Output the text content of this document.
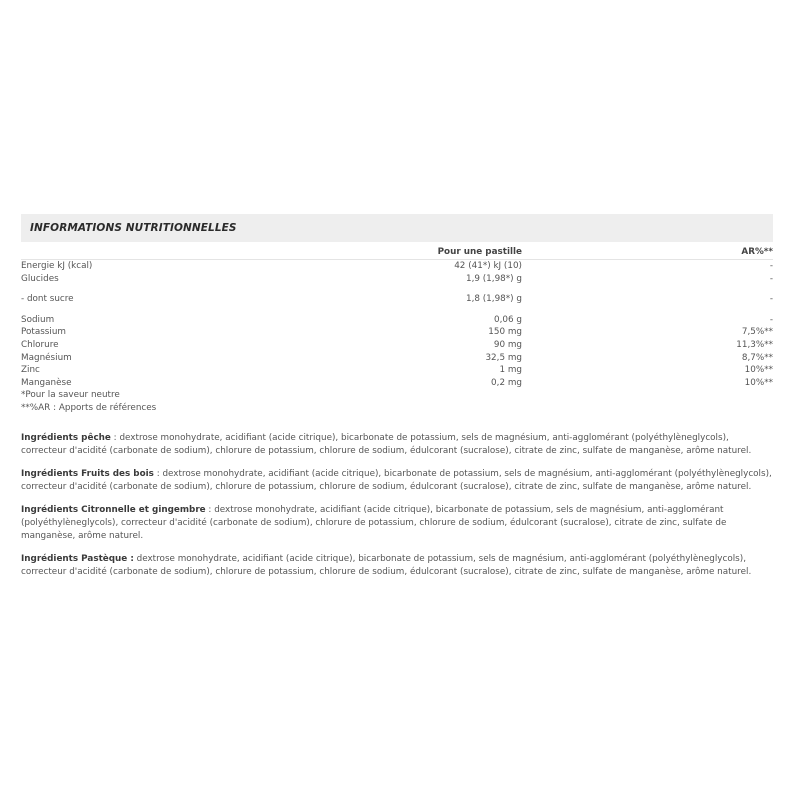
INFORMATIONS NUTRITIONNELLES
	Pour une pastille	AR%**
Energie kJ (kcal)	42 (41*) kJ (10)	-
Glucides	1,9 (1,98*) g	-

- dont sucre	1,8 (1,98*) g	-

Sodium	0,06 g	-
Potassium	150 mg	7,5%**
Chlorure	90 mg	11,3%**
Magnésium	32,5 mg	8,7%**
Zinc	1 mg	10%**
Manganèse	0,2 mg	10%**
*Pour la saveur neutre		
**%AR : Apports de références		

Ingrédients pêche : dextrose monohydrate, acidifiant (acide citrique), bicarbonate de potassium, sels de magnésium, anti-agglomérant (polyéthylèneglycols), correcteur d'acidité (carbonate de sodium), chlorure de potassium, chlorure de sodium, édulcorant (sucralose), citrate de zinc, sulfate de manganèse, arôme naturel.

Ingrédients Fruits des bois : dextrose monohydrate, acidifiant (acide citrique), bicarbonate de potassium, sels de magnésium, anti-agglomérant (polyéthylèneglycols), correcteur d'acidité (carbonate de sodium), chlorure de potassium, chlorure de sodium, édulcorant (sucralose), citrate de zinc, sulfate de manganèse, arôme naturel.

Ingrédients Citronnelle et gingembre : dextrose monohydrate, acidifiant (acide citrique), bicarbonate de potassium, sels de magnésium, anti-agglomérant (polyéthylèneglycols), correcteur d'acidité (carbonate de sodium), chlorure de potassium, chlorure de sodium, édulcorant (sucralose), citrate de zinc, sulfate de manganèse, arôme naturel.

Ingrédients Pastèque : dextrose monohydrate, acidifiant (acide citrique), bicarbonate de potassium, sels de magnésium, anti-agglomérant (polyéthylèneglycols), correcteur d'acidité (carbonate de sodium), chlorure de potassium, chlorure de sodium, édulcorant (sucralose), citrate de zinc, sulfate de manganèse, arôme naturel.
